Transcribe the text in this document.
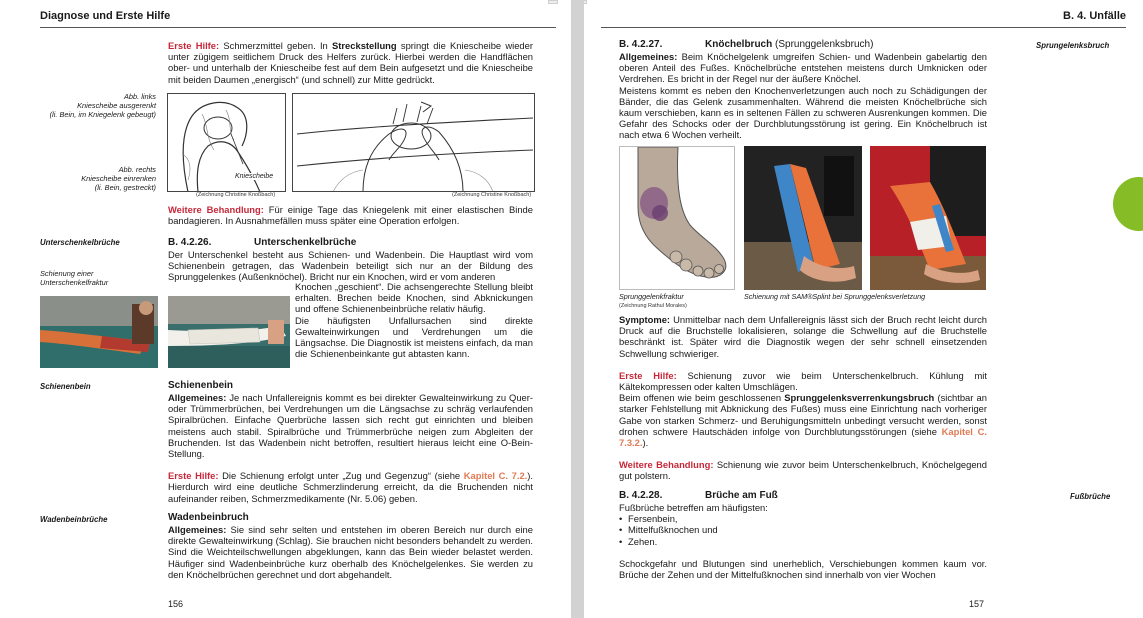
Diagnose und Erste Hilfe
Erste Hilfe: Schmerzmittel geben. In Streckstellung springt die Kniescheibe wieder unter zügigem seitlichem Druck des Helfers zurück. Hierbei werden die Handflächen ober- und unterhalb der Kniescheibe fest auf dem Bein aufgesetzt und die Kniescheibe mit beiden Daumen „energisch“ (und schnell) zur Mitte gedrückt.
Abb. links
Kniescheibe ausgerenkt
(li. Bein, im Kniegelenk gebeugt)
Abb. rechts
Kniescheibe einrenken
(li. Bein, gestreckt)
Kniescheibe
(Zeichnung Christine Knoßbach)	(Zeichnung Christine Knoßbach)
Weitere Behandlung: Für einige Tage das Kniegelenk mit einer elastischen Binde bandagieren. In Ausnahmefällen muss später eine Operation erfolgen.
Unterschenkelbrüche	B. 4.2.26.	Unterschenkelbrüche
Der Unterschenkel besteht aus Schienen- und Wadenbein. Die Hauptlast wird vom Schienenbein getragen, das Wadenbein beteiligt sich nur an der Bildung des Sprunggelenkes (Außenknöchel). Bricht nur ein Knochen, wird er vom anderen
Schienung einer
Unterschenkelfraktur	Knochen „geschient“. Die achsengerechte Stellung bleibt erhalten. Brechen beide Knochen, sind Abknickungen und offene Schienenbeinbrüche relativ häufig.

Die häufigsten Unfallursachen sind direkte Gewalteinwirkungen und Verdrehungen um die Längsachse. Die Diagnostik ist meistens einfach, da man die Schienenbeinkante gut abtasten kann.

Schienenbein	Schienenbein

Allgemeines: Je nach Unfallereignis kommt es bei direkter Gewalteinwirkung zu Quer- oder Trümmerbrüchen, bei Verdrehungen um die Längsachse zu schräg verlaufenden Spiralbrüchen. Einfache Querbrüche lassen sich recht gut einrichten und bleiben meistens auch stabil. Spiralbrüche und Trümmerbrüche neigen zum Abgleiten der Bruchenden. Ist das Wadenbein nicht betroffen, resultiert hieraus leicht eine O-Bein-Stellung.

Erste Hilfe: Die Schienung erfolgt unter „Zug und Gegenzug“ (siehe Kapitel C. 7.2.). Hierdurch wird eine deutliche Schmerzlinderung erreicht, da die Bruchenden nicht aufeinander reiben, Schmerzmedikamente (Nr. 5.06) geben.

Wadenbeinbrüche	Wadenbeinbruch
Allgemeines: Sie sind sehr selten und entstehen im oberen Bereich nur durch eine direkte Gewalteinwirkung (Schlag). Sie brauchen nicht besonders behandelt zu werden. Sind die Weichteilschwellungen abgeklungen, kann das Bein wieder belastet werden. Häufiger sind Wadenbeinbrüche kurz oberhalb des Knöchelgelenkes. Sie werden zu den Knöchelbrüchen gerechnet und dort abgehandelt.
156
B. 4. Unfälle
Sprungelenksbruch
B. 4.2.27.	Knöchelbruch (Sprunggelenksbruch)

Allgemeines: Beim Knöchelgelenk umgreifen Schien- und Wadenbein gabelartig den oberen Anteil des Fußes. Knöchelbrüche entstehen meistens durch Umknicken oder Verdrehen. Es bricht in der Regel nur der äußere Knöchel.

Meistens kommt es neben den Knochenverletzungen auch noch zu Schädigungen der Bänder, die das Gelenk zusammenhalten. Während die meisten Knöchelbrüche sich kaum verschieben, kann es in seltenen Fällen zu schweren Ausrenkungen kommen. Die Gefahr des Schocks oder der Durchblutungsstörung ist gering. Ein Knöchelbruch ist nach etwa 6 Wochen verheilt.

Sprunggelenkfraktur
(Zeichnung Rathul Morales)
Schienung mit SAM®Splint bei Sprunggelenksverletzung

Symptome: Unmittelbar nach dem Unfallereignis lässt sich der Bruch recht leicht durch Druck auf die Bruchstelle lokalisieren, solange die Schwellung auf die Bruchstelle beschränkt ist. Später wird die Diagnostik wegen der sehr schnell einsetzenden Schwellung schwieriger.

Erste Hilfe: Schienung zuvor wie beim Unterschenkelbruch. Kühlung mit Kältekompressen oder kalten Umschlägen.
Beim offenen wie beim geschlossenen Sprunggelenksverrenkungsbruch (sichtbar an starker Fehlstellung mit Abknickung des Fußes) muss eine Einrichtung nach vorheriger Gabe von starken Schmerz- und Beruhigungsmitteln unbedingt versucht werden, sonst drohen schwere Hautschäden infolge von Durchblutungsstörungen (siehe Kapitel C. 7.3.2.).

Weitere Behandlung: Schienung wie zuvor beim Unterschenkelbruch, Knöchelgegend gut polstern.

Fußbrüche
B. 4.2.28.	Brüche am Fuß
Fußbrüche betreffen am häufigsten:
• Fersenbein,
• Mittelfußknochen und
• Zehen.
Schockgefahr und Blutungen sind unerheblich, Verschiebungen kommen kaum vor. Brüche der Zehen und der Mittelfußknochen sind innerhalb von vier Wochen
157
